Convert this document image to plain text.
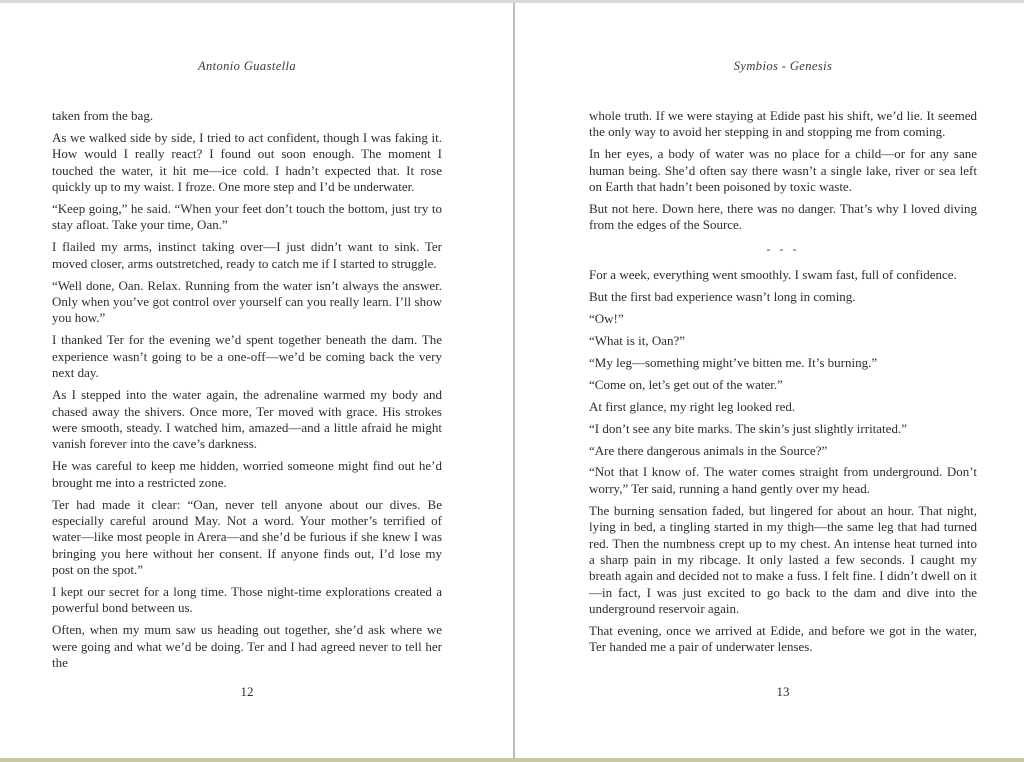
Antonio Guastella

taken from the bag.

As we walked side by side, I tried to act confident, though I was faking it. How would I really react? I found out soon enough. The moment I touched the water, it hit me—ice cold. I hadn’t expected that. It rose quickly up to my waist. I froze. One more step and I’d be underwater.

“Keep going,” he said. “When your feet don’t touch the bottom, just try to stay afloat. Take your time, Oan.”

I flailed my arms, instinct taking over—I just didn’t want to sink. Ter moved closer, arms outstretched, ready to catch me if I started to struggle.

“Well done, Oan. Relax. Running from the water isn’t always the answer. Only when you’ve got control over yourself can you really learn. I’ll show you how.”

I thanked Ter for the evening we’d spent together beneath the dam. The experience wasn’t going to be a one-off—we’d be coming back the very next day.

As I stepped into the water again, the adrenaline warmed my body and chased away the shivers. Once more, Ter moved with grace. His strokes were smooth, steady. I watched him, amazed—and a little afraid he might vanish forever into the cave’s darkness.

He was careful to keep me hidden, worried someone might find out he’d brought me into a restricted zone.

Ter had made it clear: “Oan, never tell anyone about our dives. Be especially careful around May. Not a word. Your mother’s terrified of water—like most people in Arera—and she’d be furious if she knew I was bringing you here without her consent. If anyone finds out, I’d lose my post on the spot.”

I kept our secret for a long time. Those night-time explorations created a powerful bond between us.

Often, when my mum saw us heading out together, she’d ask where we were going and what we’d be doing. Ter and I had agreed never to tell her the

12
Symbios - Genesis

whole truth. If we were staying at Edide past his shift, we’d lie. It seemed the only way to avoid her stepping in and stopping me from coming.

In her eyes, a body of water was no place for a child—or for any sane human being. She’d often say there wasn’t a single lake, river or sea left on Earth that hadn’t been poisoned by toxic waste.

But not here. Down here, there was no danger. That’s why I loved diving from the edges of the Source.

- - -

For a week, everything went smoothly. I swam fast, full of confidence.

But the first bad experience wasn’t long in coming.

“Ow!”

“What is it, Oan?”

“My leg—something might’ve bitten me. It’s burning.”

“Come on, let’s get out of the water.”

At first glance, my right leg looked red.

“I don’t see any bite marks. The skin’s just slightly irritated.”

“Are there dangerous animals in the Source?”

“Not that I know of. The water comes straight from underground. Don’t worry,” Ter said, running a hand gently over my head.

The burning sensation faded, but lingered for about an hour. That night, lying in bed, a tingling started in my thigh—the same leg that had turned red. Then the numbness crept up to my chest. An intense heat turned into a sharp pain in my ribcage. It only lasted a few seconds. I caught my breath again and decided not to make a fuss. I felt fine. I didn’t dwell on it—in fact, I was just excited to go back to the dam and dive into the underground reservoir again.

That evening, once we arrived at Edide, and before we got in the water, Ter handed me a pair of underwater lenses.

13
